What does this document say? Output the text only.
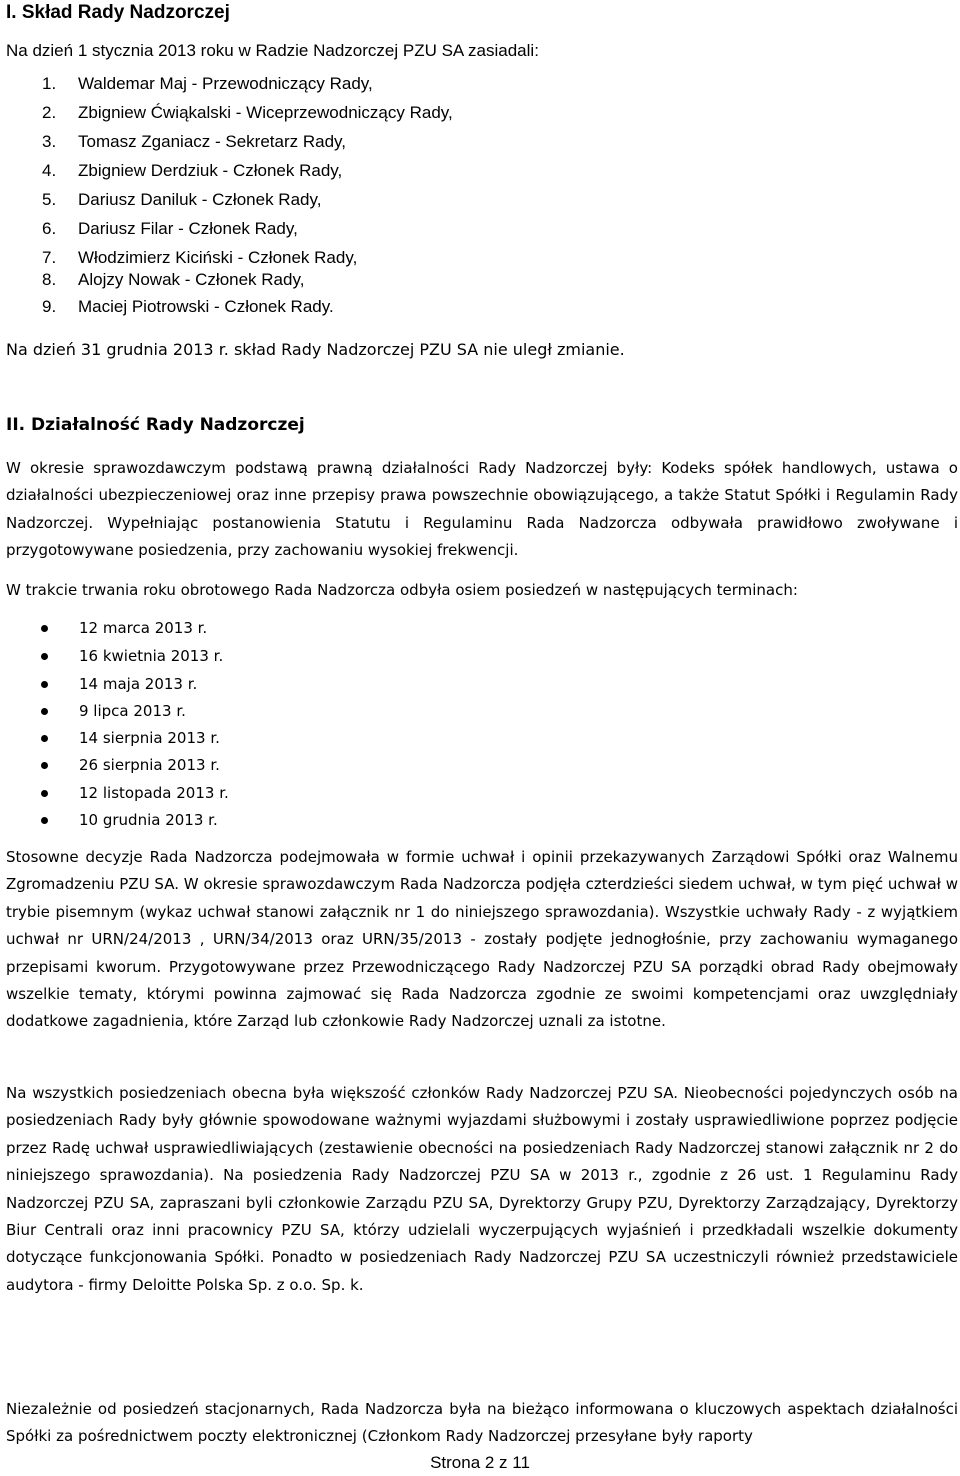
I. Skład Rady Nadzorczej
Na dzień 1 stycznia 2013 roku w Radzie Nadzorczej PZU SA zasiadali:
1.	Waldemar Maj - Przewodniczący Rady,
2.	Zbigniew Ćwiąkalski - Wiceprzewodniczący Rady,
3.	Tomasz Zganiacz - Sekretarz Rady,
4.	Zbigniew Derdziuk - Członek Rady,
5.	Dariusz Daniluk - Członek Rady,
6.	Dariusz Filar - Członek Rady,
7.	Włodzimierz Kiciński - Członek Rady,
8.	Alojzy Nowak - Członek Rady,
9.	Maciej Piotrowski - Członek Rady.
Na dzień 31 grudnia 2013 r. skład Rady Nadzorczej PZU SA nie uległ zmianie.
II. Działalność Rady Nadzorczej
W okresie sprawozdawczym podstawą prawną działalności Rady Nadzorczej były: Kodeks spółek handlowych, ustawa o działalności ubezpieczeniowej oraz inne przepisy prawa powszechnie obowiązującego, a także Statut Spółki i Regulamin Rady Nadzorczej. Wypełniając postanowienia Statutu i Regulaminu Rada Nadzorcza odbywała prawidłowo zwoływane i przygotowywane posiedzenia, przy zachowaniu wysokiej frekwencji.
W trakcie trwania roku obrotowego Rada Nadzorcza odbyła osiem posiedzeń w następujących terminach:
12 marca 2013 r.
16 kwietnia 2013 r.
14 maja 2013 r.
9 lipca 2013 r.
14 sierpnia 2013 r.
26 sierpnia 2013 r.
12 listopada 2013 r.
10 grudnia 2013 r.
Stosowne decyzje Rada Nadzorcza podejmowała w formie uchwał i opinii przekazywanych Zarządowi Spółki oraz Walnemu Zgromadzeniu PZU SA. W okresie sprawozdawczym Rada Nadzorcza podjęła czterdzieści siedem uchwał, w tym pięć uchwał w trybie pisemnym (wykaz uchwał stanowi załącznik nr 1 do niniejszego sprawozdania). Wszystkie uchwały Rady - z wyjątkiem uchwał nr URN/24/2013 , URN/34/2013 oraz URN/35/2013 - zostały podjęte jednogłośnie, przy zachowaniu wymaganego przepisami kworum. Przygotowywane przez Przewodniczącego Rady Nadzorczej PZU SA porządki obrad Rady obejmowały wszelkie tematy, którymi powinna zajmować się Rada Nadzorcza zgodnie ze swoimi kompetencjami oraz uwzględniały dodatkowe zagadnienia, które Zarząd lub członkowie Rady Nadzorczej uznali za istotne.
Na wszystkich posiedzeniach obecna była większość członków Rady Nadzorczej PZU SA. Nieobecności pojedynczych osób na posiedzeniach Rady były głównie spowodowane ważnymi wyjazdami służbowymi i zostały usprawiedliwione poprzez podjęcie przez Radę uchwał usprawiedliwiających (zestawienie obecności na posiedzeniach Rady Nadzorczej stanowi załącznik nr 2 do niniejszego sprawozdania). Na posiedzenia Rady Nadzorczej PZU SA w 2013 r., zgodnie z 26 ust. 1 Regulaminu Rady Nadzorczej PZU SA, zapraszani byli członkowie Zarządu PZU SA, Dyrektorzy Grupy PZU, Dyrektorzy Zarządzający, Dyrektorzy Biur Centrali oraz inni pracownicy PZU SA, którzy udzielali wyczerpujących wyjaśnień i przedkładali wszelkie dokumenty dotyczące funkcjonowania Spółki. Ponadto w posiedzeniach Rady Nadzorczej PZU SA uczestniczyli również przedstawiciele audytora - firmy Deloitte Polska Sp. z o.o. Sp. k.
Niezależnie od posiedzeń stacjonarnych, Rada Nadzorcza była na bieżąco informowana o kluczowych aspektach działalności Spółki za pośrednictwem poczty elektronicznej (Członkom Rady Nadzorczej przesyłane były raporty
Strona 2 z 11
